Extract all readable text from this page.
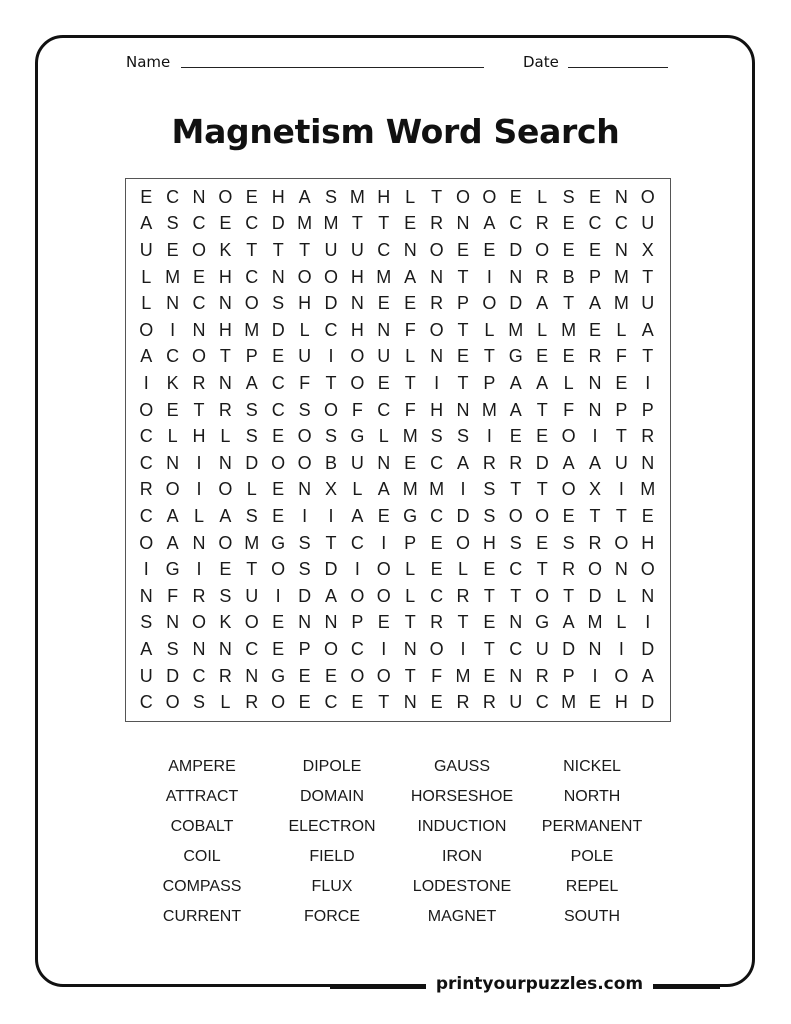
Name	Date
Magnetism Word Search
E C N O E H A S M H L T O O E L S E N O
A S C E C D M M T T E R N A C R E C C U
U E O K T T T U U C N O E E D O E E N X
L M E H C N O O H M A N T	I N R B P M T
L N C N O S H D N E E R P O D A T A M U
O I N H M D L C H N F O T L M L M E L A
A C O T P E U I O U L N E T G E E R F T
I K R N A C F T O E T	I	T P A A L N E I
O E T R S C S O F C F H N M A T F N P P
C L H L S E O S G L M S S I E E O I	T R
C N I N D O O B U N E C A R R D A A U N
R O I O L E N X L A M M I S T T O X I M
C A L A S E I	I A E G C D S O O E T T E
O A N O M G S T C I P E O H S E S R O H
I G I E T O S D I O L E L E C T R O N O
N F R S U I D A O O L C R T T O T D L N
S N O K O E N N P E T R T E N G A M L	I
A S N N C E P O C I N O I	T C U D N I D
U D C R N G E E O O T F M E N R P I O A
C O S L R O E C E T N E R R U C M E H D
AMPERE	DIPOLE	GAUSS	NICKEL
ATTRACT	DOMAIN	HORSESHOE	NORTH
COBALT	ELECTRON	INDUCTION	PERMANENT
COIL	FIELD	IRON	POLE
COMPASS	FLUX	LODESTONE	REPEL
CURRENT	FORCE	MAGNET	SOUTH
printyourpuzzles.com
